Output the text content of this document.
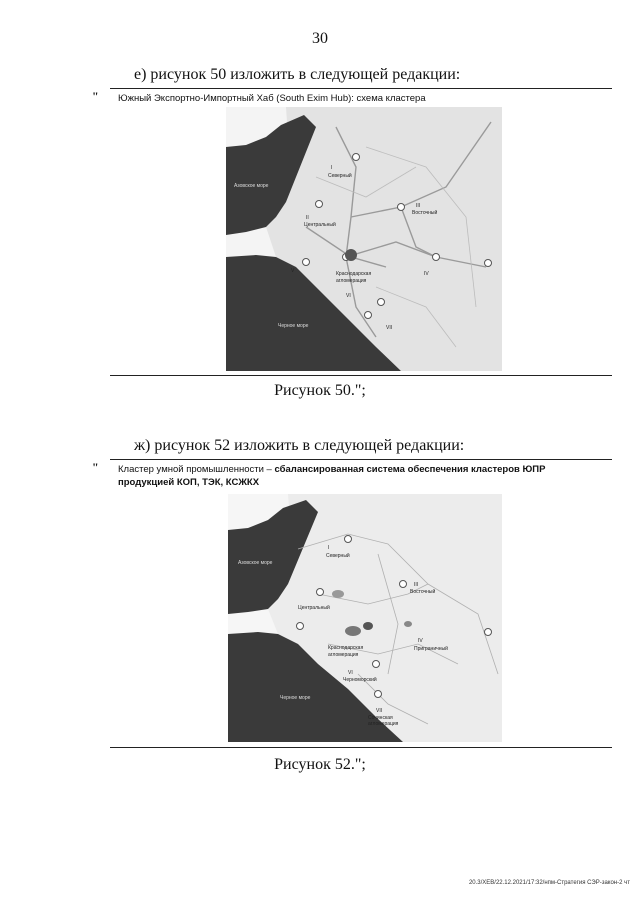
30
е) рисунок 50 изложить в следующей редакции:
" Южный Экспортно-Импортный Хаб (South Exim Hub): схема кластера
Азовское море
I
Северный
II
Центральный
III
Восточный
Краснодарская
агломерация
IV
VI
V
VII
Черное море
Рисунок 50.";
ж) рисунок 52 изложить в следующей редакции:
" Кластер умной промышленности – сбалансированная система обеспечения кластеров ЮПР продукцией КОП, ТЭК, КСЖКХ
Азовское море
I
Северный
Центральный
III
Восточный
IV
Приграничный
Краснодарская
агломерация
VI
Черноморский
VII
Сочинская
агломерация
Черное море
Рисунок 52.";
20.3/XEB/22.12.2021/17:32/нпм-Стратегия СЭР-закон-2 чт
